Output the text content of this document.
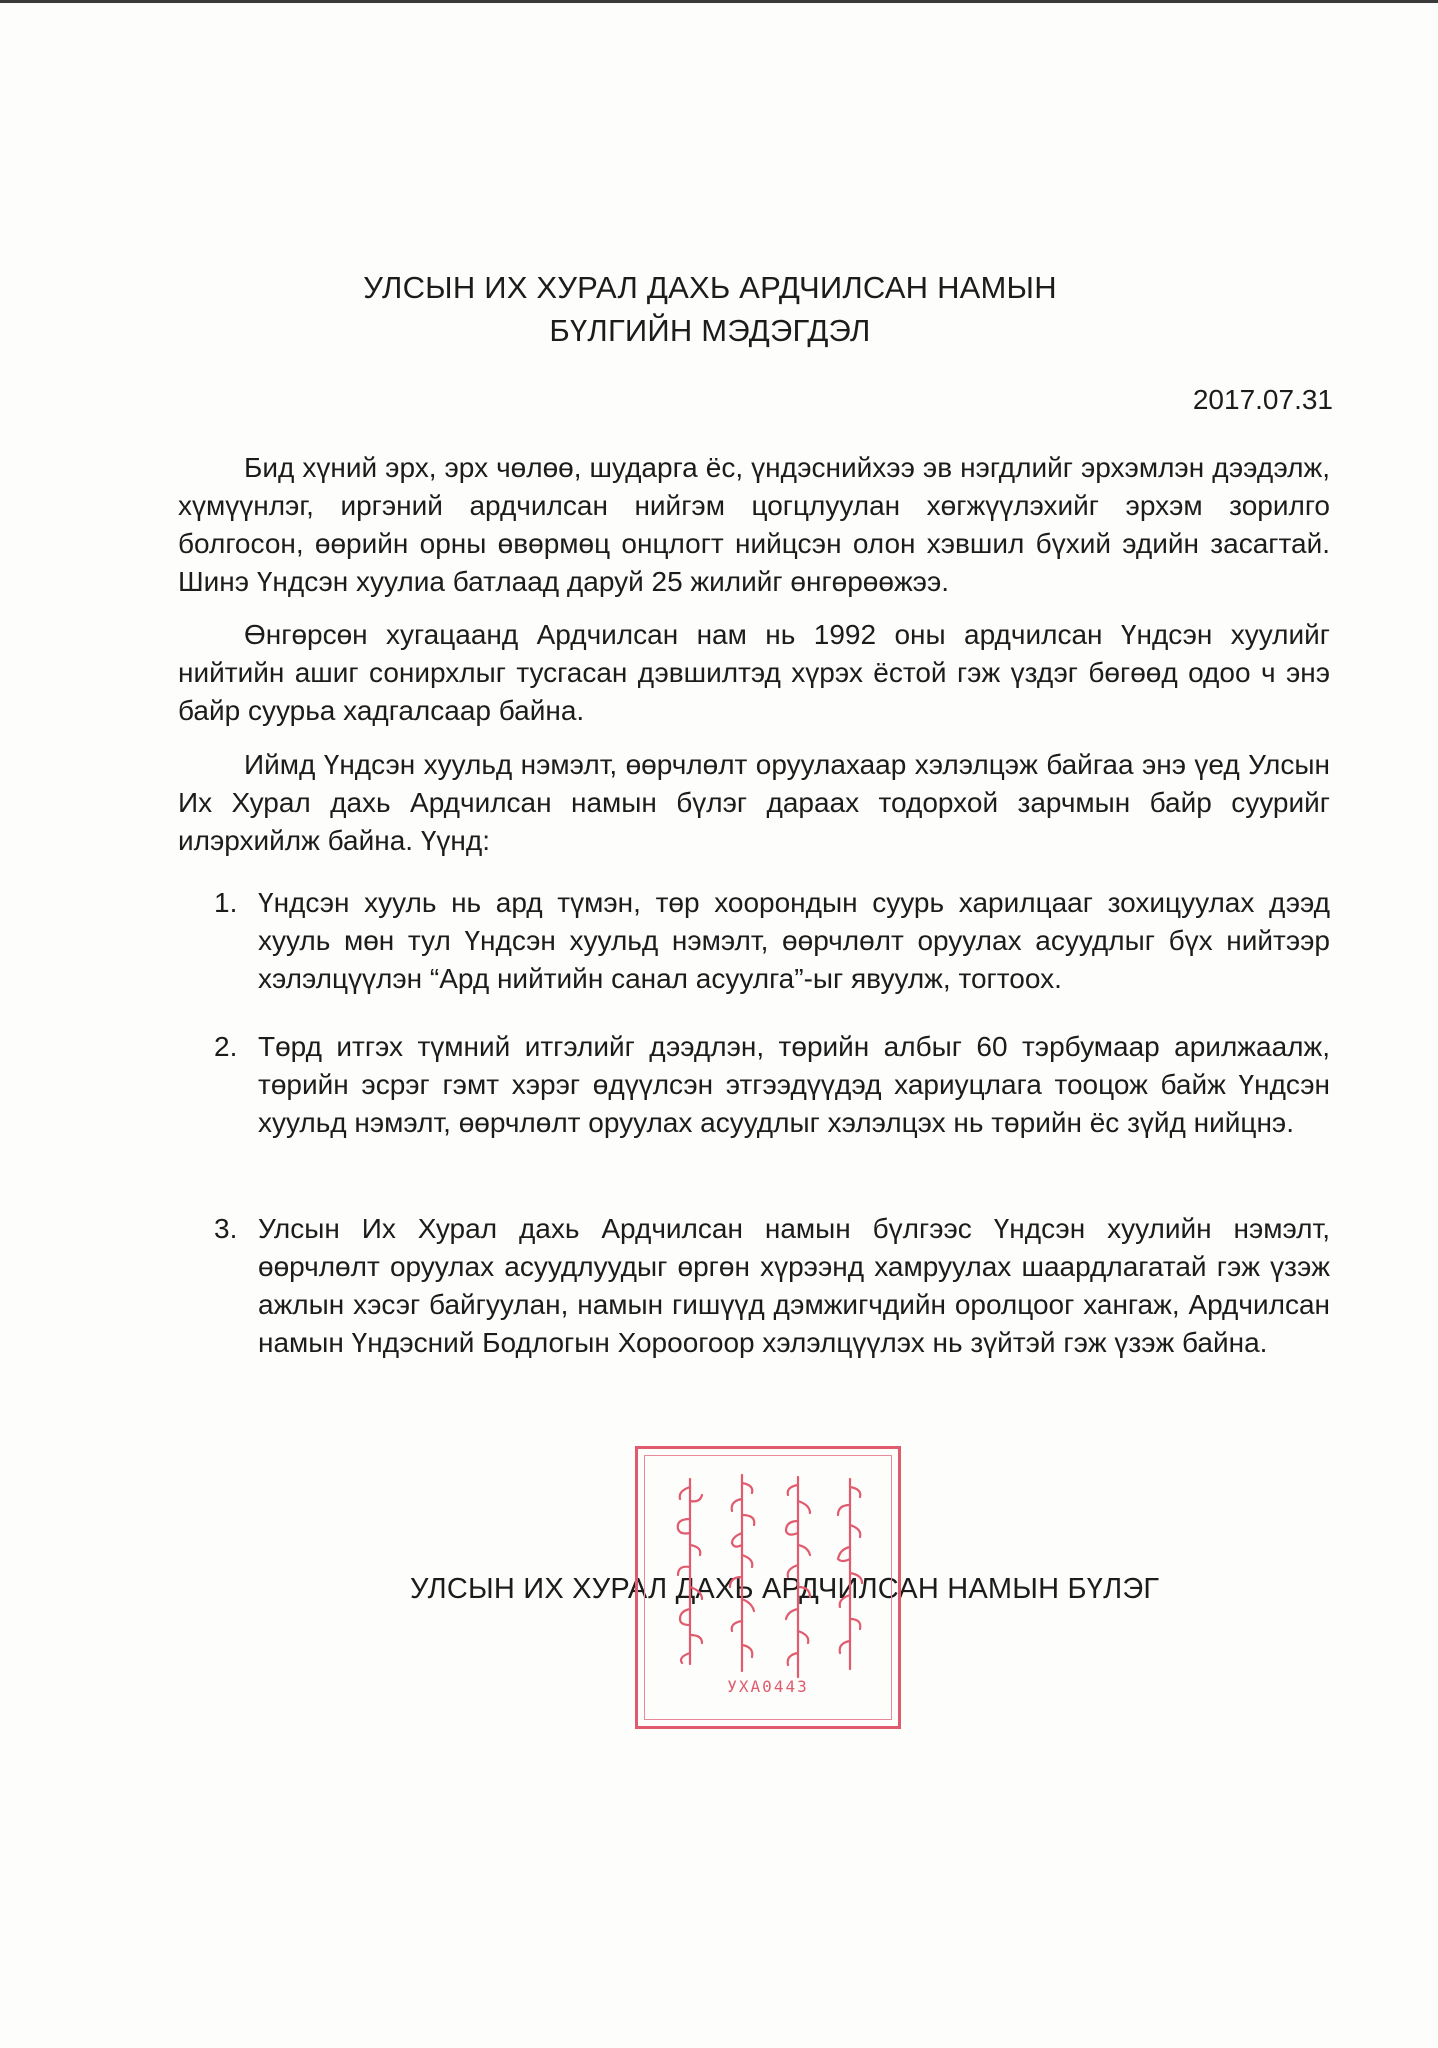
УЛСЫН ИХ ХУРАЛ ДАХЬ АРДЧИЛСАН НАМЫН
БҮЛГИЙН МЭДЭГДЭЛ
2017.07.31

Бид хүний эрх, эрх чөлөө, шударга ёс, үндэснийхээ эв нэгдлийг эрхэмлэн дээдэлж, хүмүүнлэг, иргэний ардчилсан нийгэм цогцлуулан хөгжүүлэхийг эрхэм зорилго болгосон, өөрийн орны өвөрмөц онцлогт нийцсэн олон хэвшил бүхий эдийн засагтай. Шинэ Үндсэн хуулиа батлаад даруй 25 жилийг өнгөрөөжээ.

Өнгөрсөн хугацаанд Ардчилсан нам нь 1992 оны ардчилсан Үндсэн хуулийг нийтийн ашиг сонирхлыг тусгасан дэвшилтэд хүрэх ёстой гэж үздэг бөгөөд одоо ч энэ байр суурьа хадгалсаар байна.

Иймд Үндсэн хуульд нэмэлт, өөрчлөлт оруулахаар хэлэлцэж байгаа энэ үед Улсын Их Хурал дахь Ардчилсан намын бүлэг дараах тодорхой зарчмын байр суурийг илэрхийлж байна. Үүнд:

1. Үндсэн хууль нь ард түмэн, төр хоорондын суурь харилцааг зохицуулах дээд хууль мөн тул Үндсэн хуульд нэмэлт, өөрчлөлт оруулах асуудлыг бүх нийтээр хэлэлцүүлэн “Ард нийтийн санал асуулга”-ыг явуулж, тогтоох.
2. Төрд итгэх түмний итгэлийг дээдлэн, төрийн албыг 60 тэрбумаар арилжаалж, төрийн эсрэг гэмт хэрэг өдүүлсэн этгээдүүдэд хариуцлага тооцож байж Үндсэн хуульд нэмэлт, өөрчлөлт оруулах асуудлыг хэлэлцэх нь төрийн ёс зүйд нийцнэ.
3. Улсын Их Хурал дахь Ардчилсан намын бүлгээс Үндсэн хуулийн нэмэлт, өөрчлөлт оруулах асуудлуудыг өргөн хүрээнд хамруулах шаардлагатай гэж үзэж ажлын хэсэг байгуулан, намын гишүүд дэмжигчдийн оролцоог хангаж, Ардчилсан намын Үндэсний Бодлогын Хороогоор хэлэлцүүлэх нь зүйтэй гэж үзэж байна.
УЛСЫН ИХ ХУРАЛ ДАХЬ АРДЧИЛСАН НАМЫН БҮЛЭГ
УХА0443
